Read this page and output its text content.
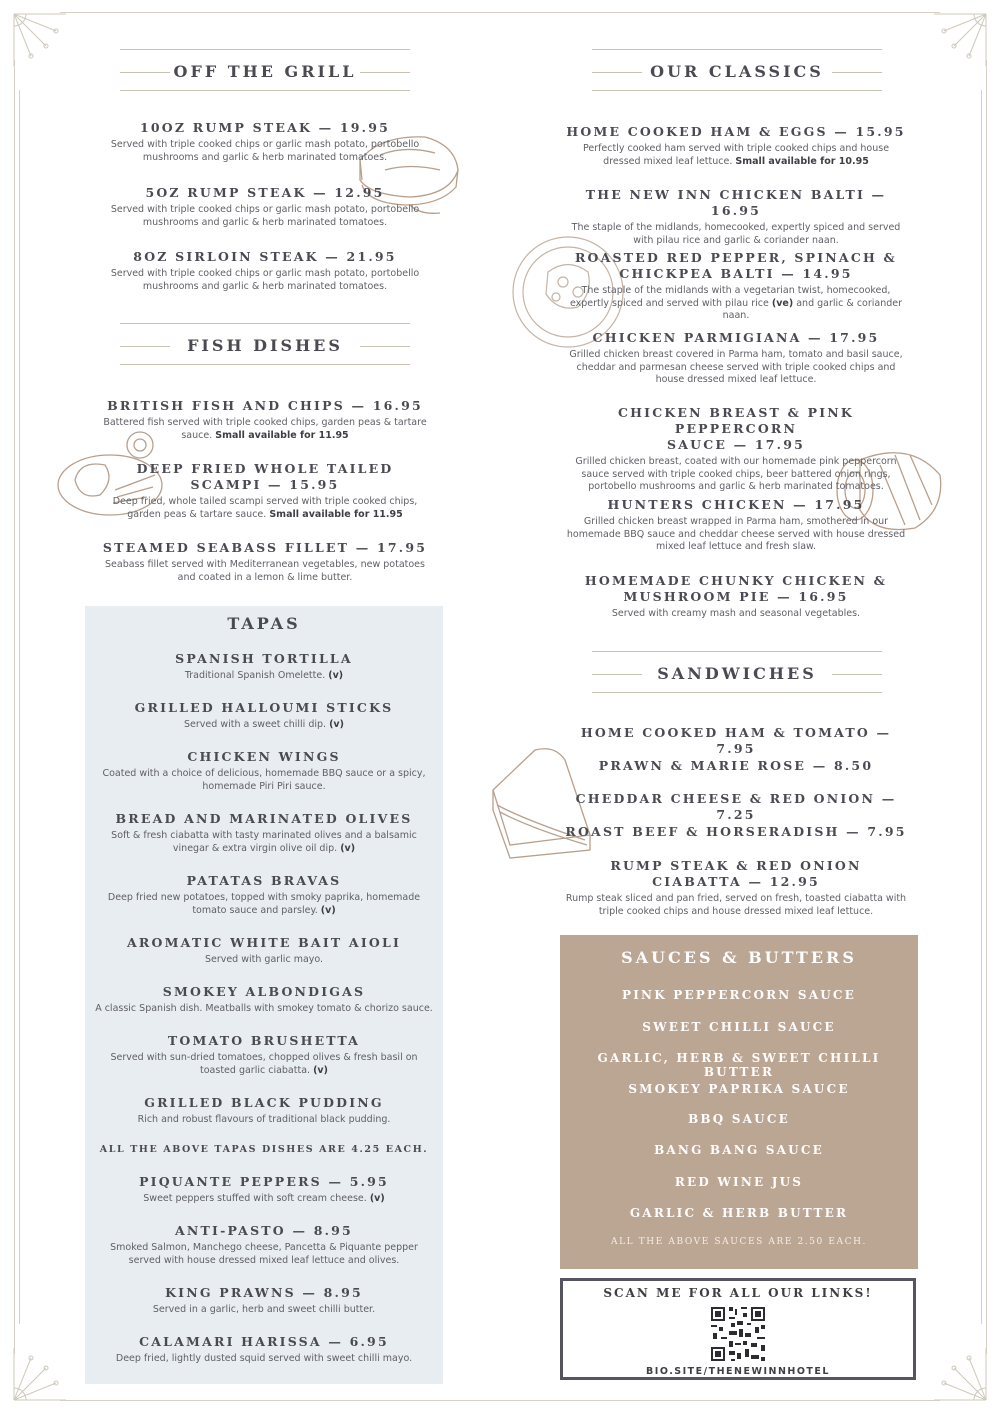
OFF THE GRILL
10OZ RUMP STEAK — 19.95
Served with triple cooked chips or garlic mash potato, portobello mushrooms and garlic & herb marinated tomatoes.
5OZ RUMP STEAK — 12.95
Served with triple cooked chips or garlic mash potato, portobello mushrooms and garlic & herb marinated tomatoes.
8OZ SIRLOIN STEAK — 21.95
Served with triple cooked chips or garlic mash potato, portobello mushrooms and garlic & herb marinated tomatoes.
FISH DISHES
BRITISH FISH AND CHIPS — 16.95
Battered fish served with triple cooked chips, garden peas & tartare sauce. Small available for 11.95
DEEP FRIED WHOLE TAILED
SCAMPI — 15.95
Deep fried, whole tailed scampi served with triple cooked chips, garden peas & tartare sauce. Small available for 11.95
STEAMED SEABASS FILLET — 17.95
Seabass fillet served with Mediterranean vegetables, new potatoes and coated in a lemon & lime butter.
TAPAS
SPANISH TORTILLA
Traditional Spanish Omelette. (v)
GRILLED HALLOUMI STICKS
Served with a sweet chilli dip. (v)
CHICKEN WINGS
Coated with a choice of delicious, homemade BBQ sauce or a spicy, homemade Piri Piri sauce.
BREAD AND MARINATED OLIVES
Soft & fresh ciabatta with tasty marinated olives and a balsamic vinegar & extra virgin olive oil dip. (v)
PATATAS BRAVAS
Deep fried new potatoes, topped with smoky paprika, homemade tomato sauce and parsley. (v)
AROMATIC WHITE BAIT AIOLI
Served with garlic mayo.
SMOKEY ALBONDIGAS
A classic Spanish dish. Meatballs with smokey tomato & chorizo sauce.
TOMATO BRUSHETTA
Served with sun-dried tomatoes, chopped olives & fresh basil on toasted garlic ciabatta. (v)
GRILLED BLACK PUDDING
Rich and robust flavours of traditional black pudding.
ALL THE ABOVE TAPAS DISHES ARE 4.25 EACH.
PIQUANTE PEPPERS — 5.95
Sweet peppers stuffed with soft cream cheese. (v)
ANTI-PASTO — 8.95
Smoked Salmon, Manchego cheese, Pancetta & Piquante pepper served with house dressed mixed leaf lettuce and olives.
KING PRAWNS — 8.95
Served in a garlic, herb and sweet chilli butter.
CALAMARI HARISSA — 6.95
Deep fried, lightly dusted squid served with sweet chilli mayo.
OUR CLASSICS
HOME COOKED HAM & EGGS — 15.95
Perfectly cooked ham served with triple cooked chips and house dressed mixed leaf lettuce. Small available for 10.95
THE NEW INN CHICKEN BALTI — 16.95
The staple of the midlands, homecooked, expertly spiced and served with pilau rice and garlic & coriander naan.
ROASTED RED PEPPER, SPINACH &
CHICKPEA BALTI — 14.95
The staple of the midlands with a vegetarian twist, homecooked, expertly spiced and served with pilau rice (ve) and garlic & coriander naan.
CHICKEN PARMIGIANA — 17.95
Grilled chicken breast covered in Parma ham, tomato and basil sauce, cheddar and parmesan cheese served with triple cooked chips and house dressed mixed leaf lettuce.
CHICKEN BREAST & PINK PEPPERCORN
SAUCE — 17.95
Grilled chicken breast, coated with our homemade pink peppercorn sauce served with triple cooked chips, beer battered onion rings, portobello mushrooms and garlic & herb marinated tomatoes.
HUNTERS CHICKEN — 17.95
Grilled chicken breast wrapped in Parma ham, smothered in our homemade BBQ sauce and cheddar cheese served with house dressed mixed leaf lettuce and fresh slaw.
HOMEMADE CHUNKY CHICKEN &
MUSHROOM PIE — 16.95
Served with creamy mash and seasonal vegetables.
SANDWICHES
HOME COOKED HAM & TOMATO — 7.95
PRAWN & MARIE ROSE — 8.50
CHEDDAR CHEESE & RED ONION — 7.25
ROAST BEEF & HORSERADISH — 7.95
RUMP STEAK & RED ONION
CIABATTA — 12.95
Rump steak sliced and pan fried, served on fresh, toasted ciabatta with triple cooked chips and house dressed mixed leaf lettuce.
SAUCES & BUTTERS
PINK PEPPERCORN SAUCE
SWEET CHILLI SAUCE
GARLIC, HERB & SWEET CHILLI BUTTER
SMOKEY PAPRIKA SAUCE
BBQ SAUCE
BANG BANG SAUCE
RED WINE JUS
GARLIC & HERB BUTTER
ALL THE ABOVE SAUCES ARE 2.50 EACH.
SCAN ME FOR ALL OUR LINKS!
BIO.SITE/THENEWINNHOTEL
